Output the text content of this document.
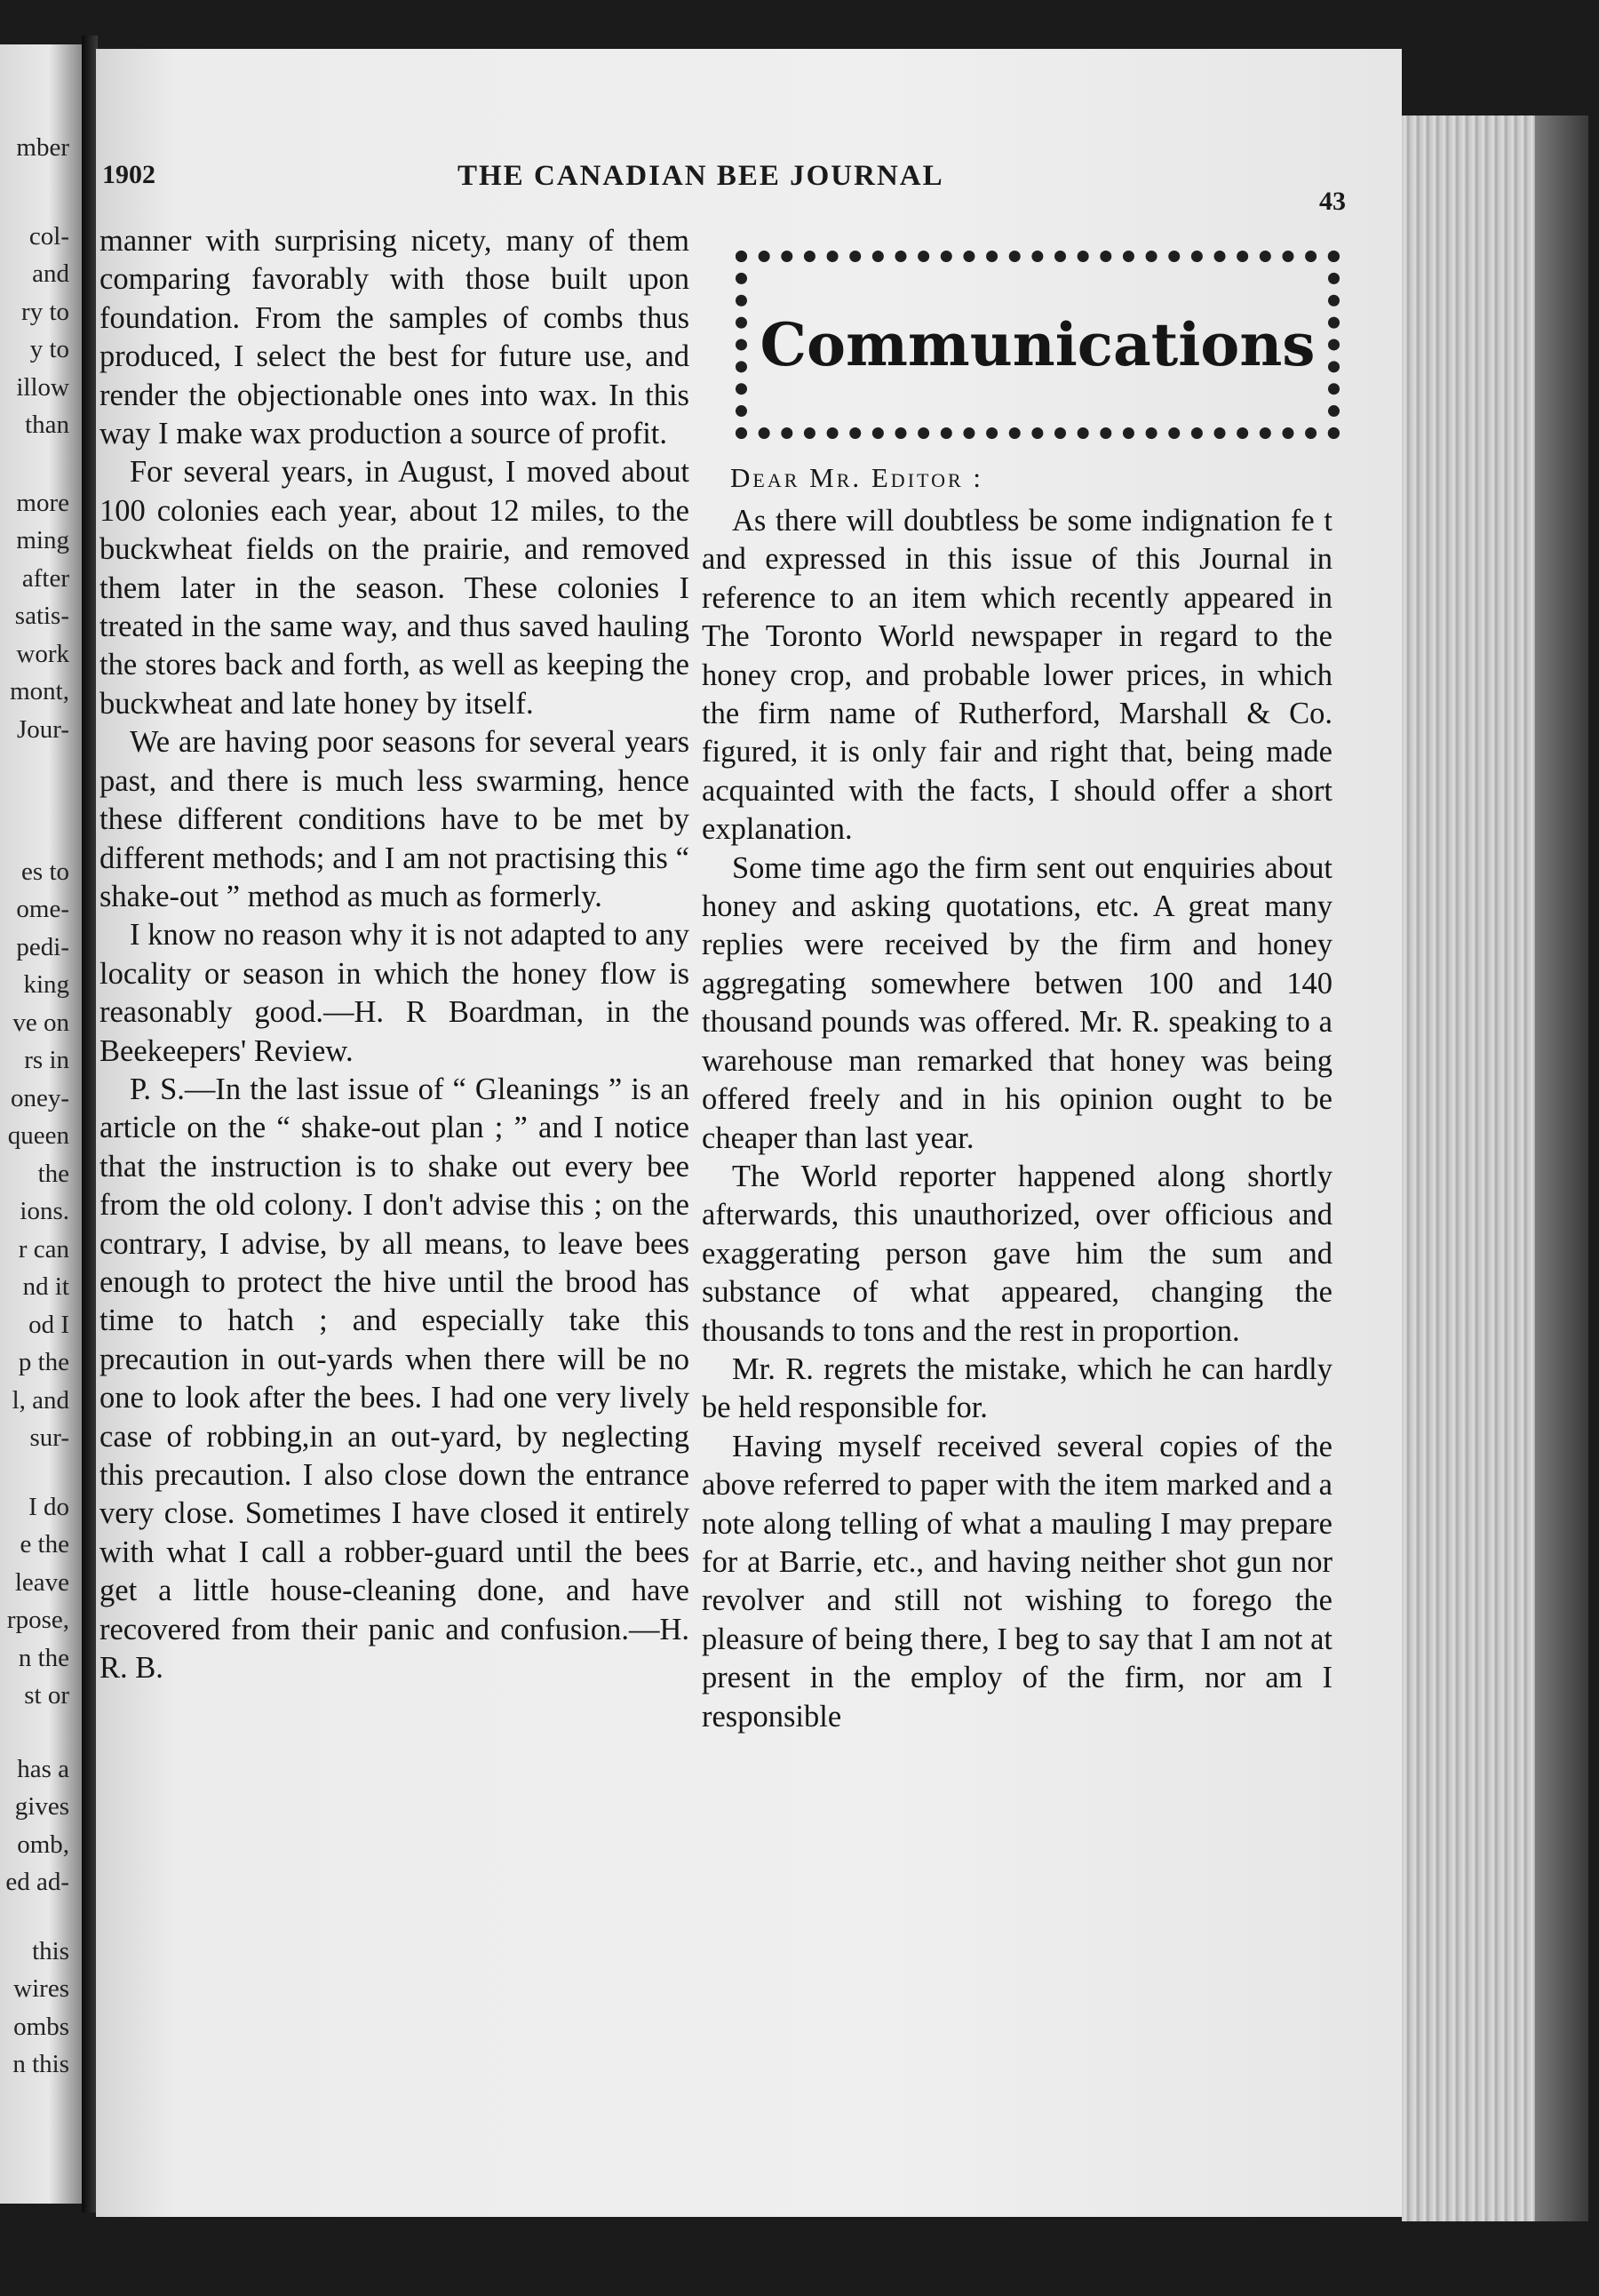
mber
col-
and
ry to
y to
illow
than
more
ming
after
satis-
work
mont,
Jour-
es to
ome-
pedi-
king
ve on
rs in
oney-
queen
the
ions.
r can
nd it
od I
p the
l, and
sur-
I do
e the
leave
rpose,
n the
st or
has a
gives
omb,
ed ad-
this
wires
ombs
n this
1902	THE CANADIAN BEE JOURNAL
43

manner with surprising nicety, many of them comparing favorably with those built upon foundation. From the samples of combs thus produced, I select the best for future use, and render the objectionable ones into wax. In this way I make wax production a source of profit.

For several years, in August, I moved about 100 colonies each year, about 12 miles, to the buckwheat fields on the prairie, and removed them later in the season. These colonies I treated in the same way, and thus saved hauling the stores back and forth, as well as keeping the buckwheat and late honey by itself.

We are having poor seasons for several years past, and there is much less swarming, hence these different conditions have to be met by different methods; and I am not practising this “ shake-out ” method as much as formerly.

I know no reason why it is not adapted to any locality or season in which the honey flow is reasonably good.—H. R Boardman, in the Beekeepers' Review.

P. S.—In the last issue of “ Gleanings ” is an article on the “ shake-out plan ; ” and I notice that the instruction is to shake out every bee from the old colony. I don't advise this ; on the contrary, I advise, by all means, to leave bees enough to protect the hive until the brood has time to hatch ; and especially take this precaution in out-yards when there will be no one to look after the bees. I had one very lively case of robbing,in an out-yard, by neglecting this precaution. I also close down the entrance very close. Sometimes I have closed it entirely with what I call a robber-guard until the bees get a little house-cleaning done, and have recovered from their panic and confusion.—H. R. B.

Communications
Dear Mr. Editor :

As there will doubtless be some indignation fe t and expressed in this issue of this Journal in reference to an item which recently appeared in The Toronto World newspaper in regard to the honey crop, and probable lower prices, in which the firm name of Rutherford, Marshall & Co. figured, it is only fair and right that, being made acquainted with the facts, I should offer a short explanation.

Some time ago the firm sent out enquiries about honey and asking quotations, etc. A great many replies were received by the firm and honey aggregating somewhere betwen 100 and 140 thousand pounds was offered. Mr. R. speaking to a warehouse man remarked that honey was being offered freely and in his opinion ought to be cheaper than last year.

The World reporter happened along shortly afterwards, this unauthorized, over officious and exaggerating person gave him the sum and substance of what appeared, changing the thousands to tons and the rest in proportion.

Mr. R. regrets the mistake, which he can hardly be held responsible for.

Having myself received several copies of the above referred to paper with the item marked and a note along telling of what a mauling I may prepare for at Barrie, etc., and having neither shot gun nor revolver and still not wishing to forego the pleasure of being there, I beg to say that I am not at present in the employ of the firm, nor am I responsible
